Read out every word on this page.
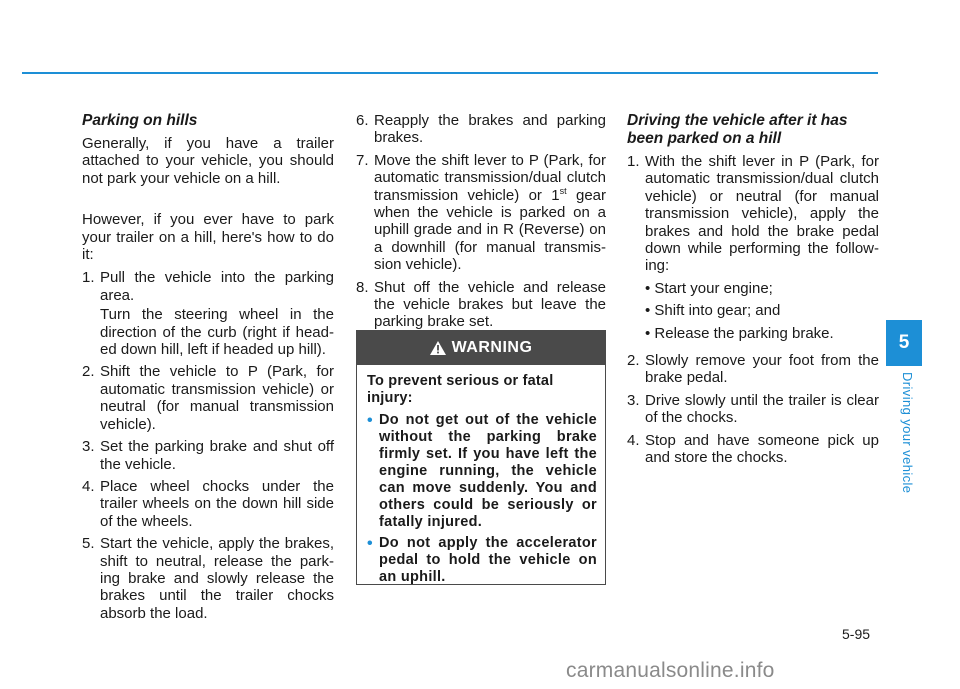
Parking on hills

Generally, if you have a trailer attached to your vehicle, you should not park your vehicle on a hill.

However, if you ever have to park your trailer on a hill, here's how to do it:

1. Pull the vehicle into the parking area.
Turn the steering wheel in the direction of the curb (right if head-ed down hill, left if headed up hill).
2. Shift the vehicle to P (Park, for automatic transmission vehicle) or neutral (for manual transmission vehicle).
3. Set the parking brake and shut off the vehicle.
4. Place wheel chocks under the trailer wheels on the down hill side of the wheels.
5. Start the vehicle, apply the brakes, shift to neutral, release the park-ing brake and slowly release the brakes until the trailer chocks absorb the load.
6. Reapply the brakes and parking brakes.
7. Move the shift lever to P (Park, for automatic transmission/dual clutch transmission vehicle) or 1st gear when the vehicle is parked on a uphill grade and in R (Reverse) on a downhill (for manual transmis-sion vehicle).
8. Shut off the vehicle and release the vehicle brakes but leave the parking brake set.
WARNING

To prevent serious or fatal injury:

• Do not get out of the vehicle without the parking brake firmly set. If you have left the engine running, the vehicle can move suddenly. You and others could be seriously or fatally injured.
• Do not apply the accelerator pedal to hold the vehicle on an uphill.

Driving the vehicle after it has been parked on a hill

1. With the shift lever in P (Park, for automatic transmission/dual clutch vehicle) or neutral (for manual transmission vehicle), apply the brakes and hold the brake pedal down while performing the follow-ing:
• Start your engine;
• Shift into gear; and
• Release the parking brake.
2. Slowly remove your foot from the brake pedal.
3. Drive slowly until the trailer is clear of the chocks.
4. Stop and have someone pick up and store the chocks.
5
Driving your vehicle
5-95
carmanualsonline.info
